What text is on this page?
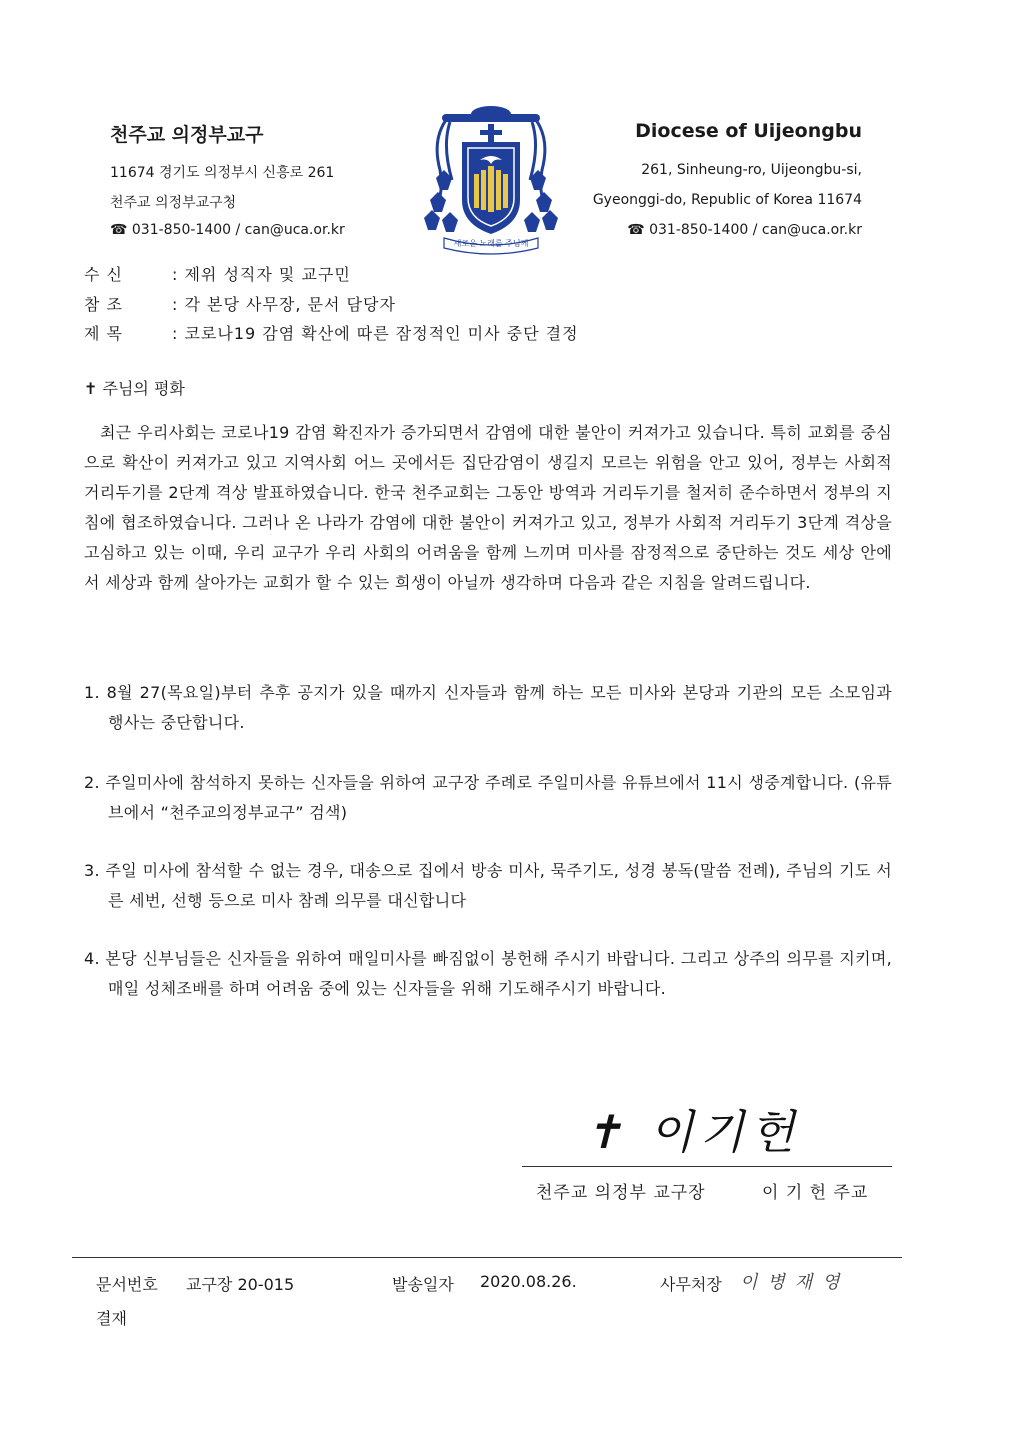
천주교 의정부교구
11674 경기도 의정부시 신흥로 261
천주교 의정부교구청
☎ 031-850-1400 / can@uca.or.kr
Diocese of Uijeongbu
261, Sinheung-ro, Uijeongbu-si,
Gyeonggi-do, Republic of Korea 11674
☎ 031-850-1400 / can@uca.or.kr
새로운 노래를 주님께
수 신	: 제위 성직자 및 교구민
참 조	: 각 본당 사무장, 문서 담당자
제 목	: 코로나19 감염 확산에 따른 잠정적인 미사 중단 결정
✝ 주님의 평화
최근 우리사회는 코로나19 감염 확진자가 증가되면서 감염에 대한 불안이 커져가고 있습니다. 특히 교회를 중심으로 확산이 커져가고 있고 지역사회 어느 곳에서든 집단감염이 생길지 모르는 위험을 안고 있어, 정부는 사회적 거리두기를 2단계 격상 발표하였습니다. 한국 천주교회는 그동안 방역과 거리두기를 철저히 준수하면서 정부의 지침에 협조하였습니다. 그러나 온 나라가 감염에 대한 불안이 커져가고 있고, 정부가 사회적 거리두기 3단계 격상을 고심하고 있는 이때, 우리 교구가 우리 사회의 어려움을 함께 느끼며 미사를 잠정적으로 중단하는 것도 세상 안에서 세상과 함께 살아가는 교회가 할 수 있는 희생이 아닐까 생각하며 다음과 같은 지침을 알려드립니다.
1. 8월 27(목요일)부터 추후 공지가 있을 때까지 신자들과 함께 하는 모든 미사와 본당과 기관의 모든 소모임과 행사는 중단합니다.
2. 주일미사에 참석하지 못하는 신자들을 위하여 교구장 주례로 주일미사를 유튜브에서 11시 생중계합니다. (유튜브에서 “천주교의정부교구” 검색)
3. 주일 미사에 참석할 수 없는 경우, 대송으로 집에서 방송 미사, 묵주기도, 성경 봉독(말씀 전례), 주님의 기도 서른 세번, 선행 등으로 미사 참례 의무를 대신합니다
4. 본당 신부님들은 신자들을 위하여 매일미사를 빠짐없이 봉헌해 주시기 바랍니다. 그리고 상주의 의무를 지키며, 매일 성체조배를 하며 어려움 중에 있는 신자들을 위해 기도해주시기 바랍니다.
✝ 이기헌
천주교 의정부 교구장	이 기 헌 주교
문서번호 교구장 20-015	발송일자 2020.08.26.	사무처장 이병재영
결재
